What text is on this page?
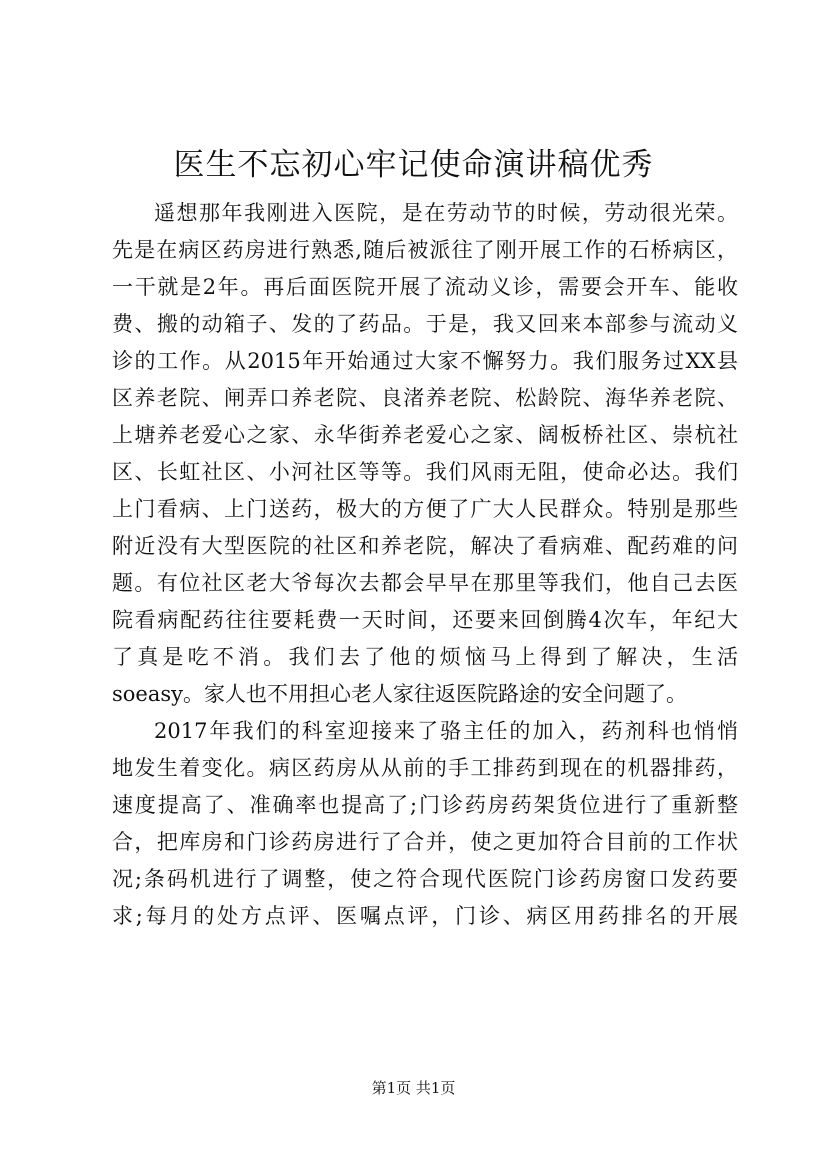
医生不忘初心牢记使命演讲稿优秀
遥想那年我刚进入医院，是在劳动节的时候，劳动很光荣。
先是在病区药房进行熟悉,随后被派往了刚开展工作的石桥病区，
一干就是2年。再后面医院开展了流动义诊，需要会开车、能收
费、搬的动箱子、发的了药品。于是，我又回来本部参与流动义
诊的工作。从2015年开始通过大家不懈努力。我们服务过XX县
区养老院、闸弄口养老院、良渚养老院、松龄院、海华养老院、
上塘养老爱心之家、永华街养老爱心之家、阔板桥社区、崇杭社
区、长虹社区、小河社区等等。我们风雨无阻，使命必达。我们
上门看病、上门送药，极大的方便了广大人民群众。特别是那些
附近没有大型医院的社区和养老院，解决了看病难、配药难的问
题。有位社区老大爷每次去都会早早在那里等我们，他自己去医
院看病配药往往要耗费一天时间，还要来回倒腾4次车，年纪大
了真是吃不消。我们去了他的烦恼马上得到了解决，生活
soeasy。家人也不用担心老人家往返医院路途的安全问题了。
2017年我们的科室迎接来了骆主任的加入，药剂科也悄悄
地发生着变化。病区药房从从前的手工排药到现在的机器排药，
速度提高了、准确率也提高了;门诊药房药架货位进行了重新整
合，把库房和门诊药房进行了合并，使之更加符合目前的工作状
况;条码机进行了调整，使之符合现代医院门诊药房窗口发药要
求;每月的处方点评、医嘱点评，门诊、病区用药排名的开展
第1页 共1页
